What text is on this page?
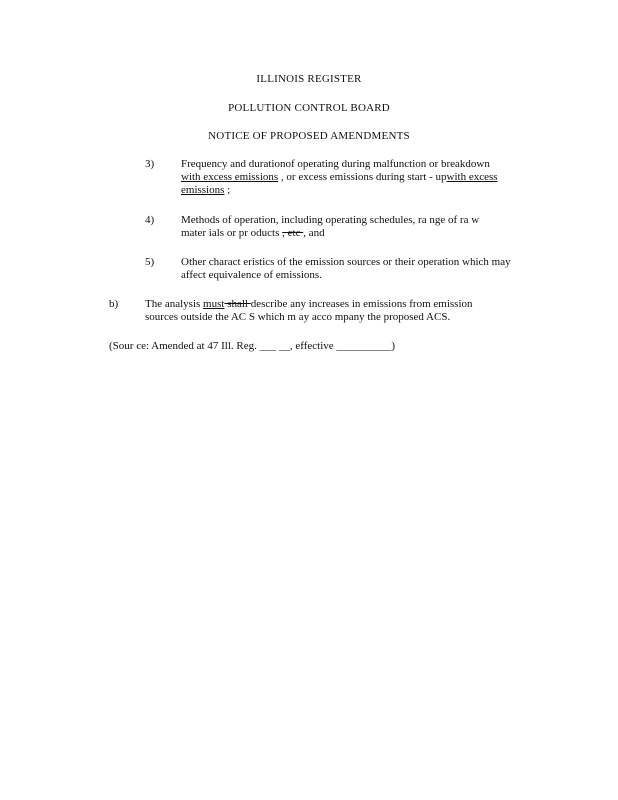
ILLINOIS REGISTER
POLLUTION CONTROL BOARD
NOTICE OF PROPOSED AMENDMENTS
3) Frequency and durationof operating during malfunction or breakdown

with excess emissions , or excess emissions during start - upwith excess

emissions ;

4) Methods of operation, including operating schedules, ra nge of ra w

mater ials or pr oducts , etc , and

5) Other charact eristics of the emission sources or their operation which may

affect equivalence of emissions.

b) The analysis must shall describe any increases in emissions from emission

sources outside the AC S which m ay acco mpany the proposed ACS.

(Sour ce: Amended at 47 Ill. Reg. ___ __, effective __________)
